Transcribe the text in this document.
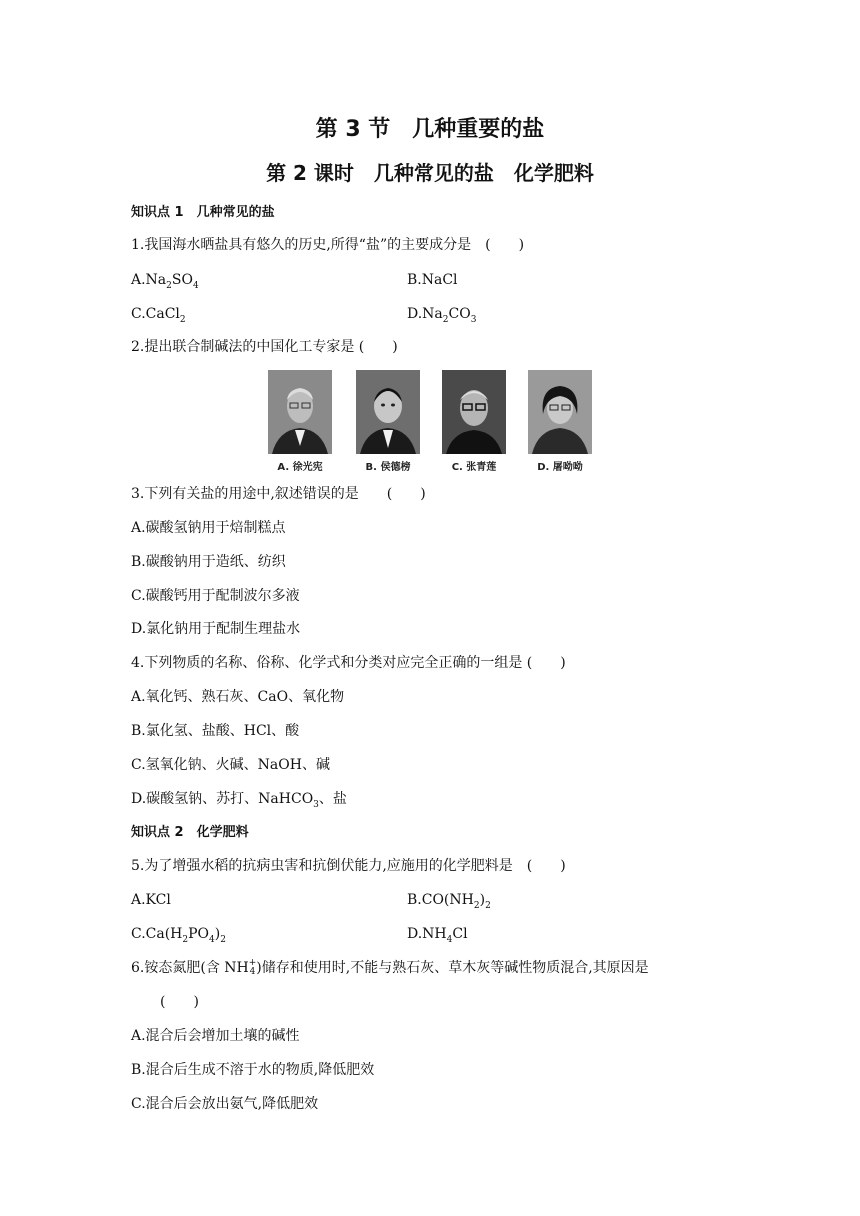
第 3 节　几种重要的盐
第 2 课时　几种常见的盐　化学肥料
知识点 1　几种常见的盐
1.我国海水晒盐具有悠久的历史,所得“盐”的主要成分是　(　　)
$A.Na_2SO_4$	B.NaCl
C.CaCl$_2$	$D.Na_2CO_3$
2.提出联合制碱法的中国化工专家是 (　　)
A. 徐光宪	B. 侯德榜	C. 张青莲	D. 屠呦呦
3.下列有关盐的用途中,叙述错误的是　　(　　)
A.碳酸氢钠用于焙制糕点
B.碳酸钠用于造纸、纺织
C.碳酸钙用于配制波尔多液
D.氯化钠用于配制生理盐水
4.下列物质的名称、俗称、化学式和分类对应完全正确的一组是 (　　)
A.氧化钙、熟石灰、CaO、氧化物
B.氯化氢、盐酸、HCl、酸
C.氢氧化钠、火碱、NaOH、碱
D.碳酸氢钠、苏打、NaHCO$_3$、盐
知识点 2　化学肥料
5.为了增强水稻的抗病虫害和抗倒伏能力,应施用的化学肥料是　(　　)
A.KCl	$B.CO(NH_2)_2$
$C.Ca(H_2PO_4)_2$	$D.NH_4Cl$
6.铵态氮肥(含 NH +
4 )储存和使用时,不能与熟石灰、草木灰等碱性物质混合,其原因是
(　　)
A.混合后会增加土壤的碱性
B.混合后生成不溶于水的物质,降低肥效
C.混合后会放出氨气,降低肥效
